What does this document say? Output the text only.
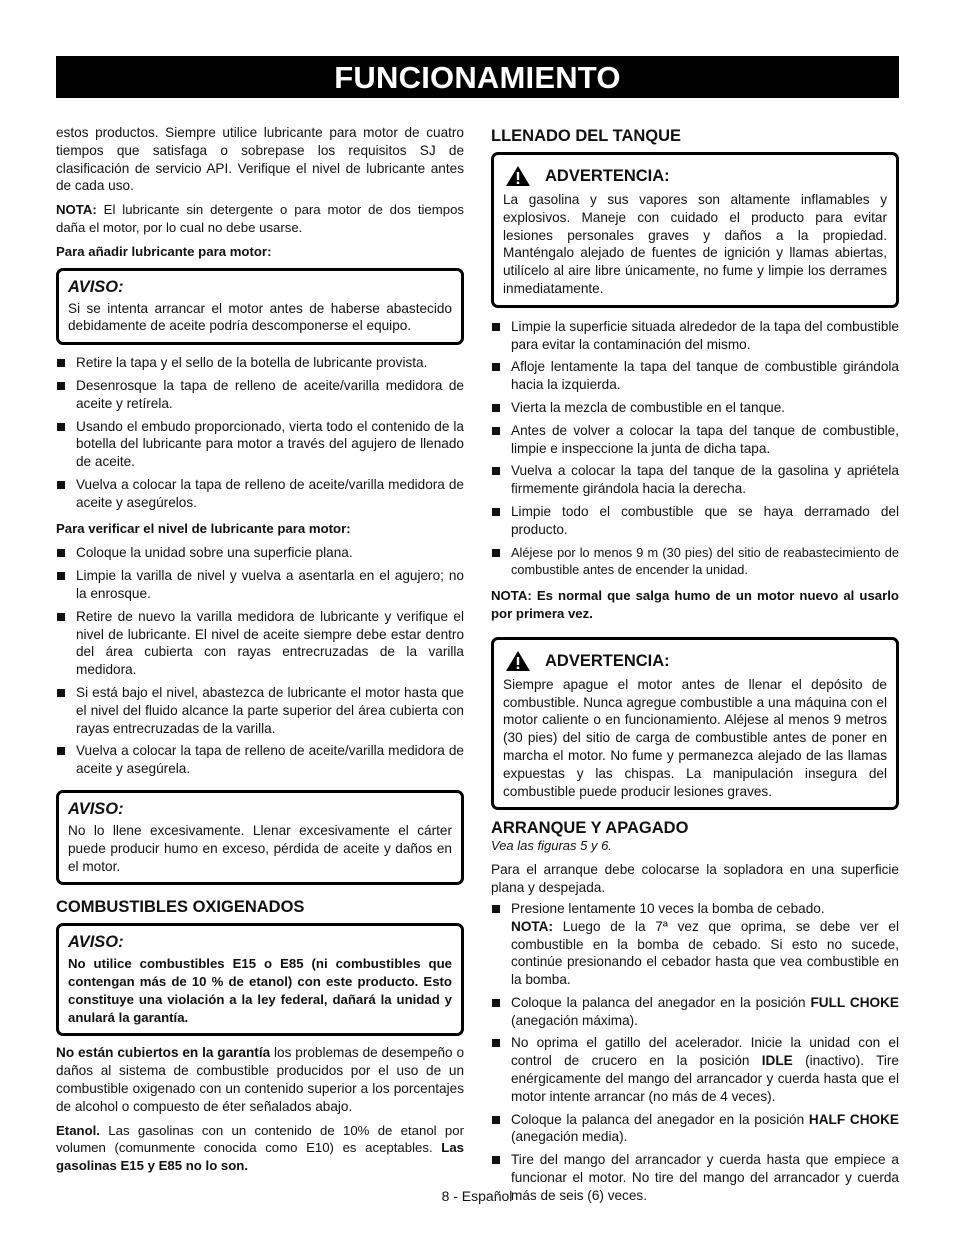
FUNCIONAMIENTO

estos productos. Siempre utilice lubricante para motor de cuatro tiempos que satisfaga o sobrepase los requisitos SJ de clasificación de servicio API. Verifique el nivel de lubricante antes de cada uso.

NOTA: El lubricante sin detergente o para motor de dos tiempos daña el motor, por lo cual no debe usarse.

Para añadir lubricante para motor:

AVISO:

Si se intenta arrancar el motor antes de haberse abastecido debidamente de aceite podría descomponerse el equipo.

Retire la tapa y el sello de la botella de lubricante provista.
Desenrosque la tapa de relleno de aceite/varilla medidora de aceite y retírela.
Usando el embudo proporcionado, vierta todo el contenido de la botella del lubricante para motor a través del agujero de llenado de aceite.
Vuelva a colocar la tapa de relleno de aceite/varilla medidora de aceite y asegúrelos.

Para verificar el nivel de lubricante para motor:

Coloque la unidad sobre una superficie plana.
Limpie la varilla de nivel y vuelva a asentarla en el agujero; no la enrosque.
Retire de nuevo la varilla medidora de lubricante y verifique el nivel de lubricante. El nivel de aceite siempre debe estar dentro del área cubierta con rayas entrecruzadas de la varilla medidora.
Si está bajo el nivel, abastezca de lubricante el motor hasta que el nivel del fluido alcance la parte superior del área cubierta con rayas entrecruzadas de la varilla.
Vuelva a colocar la tapa de relleno de aceite/varilla medidora de aceite y asegúrela.
AVISO:

No lo llene excesivamente. Llenar excesivamente el cárter puede producir humo en exceso, pérdida de aceite y daños en el motor.

COMBUSTIBLES OXIGENADOS
AVISO:

No utilice combustibles E15 o E85 (ni combustibles que contengan más de 10 % de etanol) con este producto. Esto constituye una violación a la ley federal, dañará la unidad y anulará la garantía.

No están cubiertos en la garantía los problemas de desempeño o daños al sistema de combustible producidos por el uso de un combustible oxigenado con un contenido superior a los porcentajes de alcohol o compuesto de éter señalados abajo.

Etanol. Las gasolinas con un contenido de 10% de etanol por volumen (comunmente conocida como E10) es aceptables. Las gasolinas E15 y E85 no lo son.

LLENADO DEL TANQUE
ADVERTENCIA:

La gasolina y sus vapores son altamente inflamables y explosivos. Maneje con cuidado el producto para evitar lesiones personales graves y daños a la propiedad. Manténgalo alejado de fuentes de ignición y llamas abiertas, utilícelo al aire libre únicamente, no fume y limpie los derrames inmediatamente.

Limpie la superficie situada alrededor de la tapa del combustible para evitar la contaminación del mismo.
Afloje lentamente la tapa del tanque de combustible girándola hacia la izquierda.
Vierta la mezcla de combustible en el tanque.
Antes de volver a colocar la tapa del tanque de combustible, limpie e inspeccione la junta de dicha tapa.
Vuelva a colocar la tapa del tanque de la gasolina y apriétela firmemente girándola hacia la derecha.
Limpie todo el combustible que se haya derramado del producto.
Aléjese por lo menos 9 m (30 pies) del sitio de reabastecimiento de combustible antes de encender la unidad.

NOTA: Es normal que salga humo de un motor nuevo al usarlo por primera vez.

ADVERTENCIA:

Siempre apague el motor antes de llenar el depósito de combustible. Nunca agregue combustible a una máquina con el motor caliente o en funcionamiento. Aléjese al menos 9 metros (30 pies) del sitio de carga de combustible antes de poner en marcha el motor. No fume y permanezca alejado de las llamas expuestas y las chispas. La manipulación insegura del combustible puede producir lesiones graves.

ARRANQUE Y APAGADO

Vea las figuras 5 y 6.

Para el arranque debe colocarse la sopladora en una superficie plana y despejada.

Presione lentamente 10 veces la bomba de cebado.
NOTA: Luego de la 7ª vez que oprima, se debe ver el combustible en la bomba de cebado. Si esto no sucede, continúe presionando el cebador hasta que vea combustible en la bomba.
Coloque la palanca del anegador en la posición FULL CHOKE (anegación máxima).
No oprima el gatillo del acelerador. Inicie la unidad con el control de crucero en la posición IDLE (inactivo). Tire enérgicamente del mango del arrancador y cuerda hasta que el motor intente arrancar (no más de 4 veces).
Coloque la palanca del anegador en la posición HALF CHOKE (anegación media).
Tire del mango del arrancador y cuerda hasta que empiece a funcionar el motor. No tire del mango del arrancador y cuerda más de seis (6) veces.
8 - Español
